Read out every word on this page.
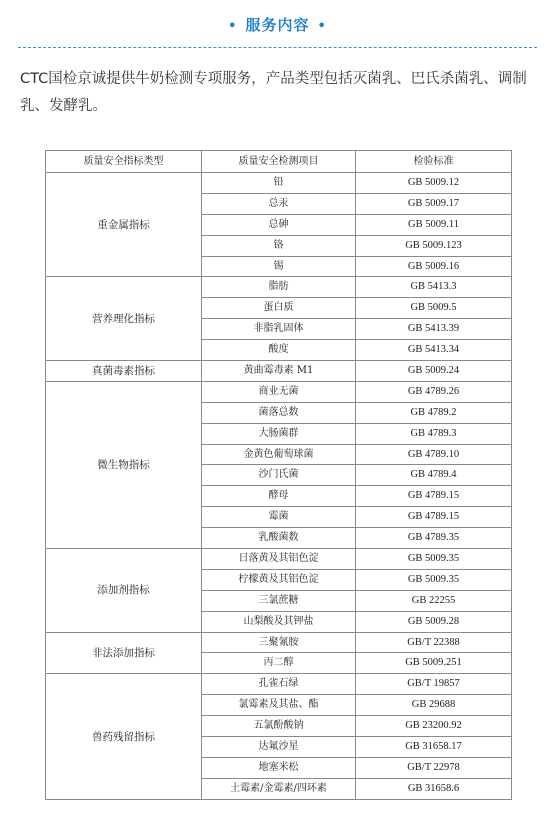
• 服务内容 •
CTC国检京诚提供牛奶检测专项服务，产品类型包括灭菌乳、巴氏杀菌乳、调制乳、发酵乳。
质量安全指标类型	质量安全检测项目	检验标准
重金属指标	铅	GB 5009.12
	总汞	GB 5009.17
	总砷	GB 5009.11
	铬	GB 5009.123
	锡	GB 5009.16
营养理化指标	脂肪	GB 5413.3
	蛋白质	GB 5009.5
	非脂乳固体	GB 5413.39
	酸度	GB 5413.34
真菌毒素指标	黄曲霉毒素 M1	GB 5009.24
微生物指标	商业无菌	GB 4789.26
	菌落总数	GB 4789.2
	大肠菌群	GB 4789.3
	金黄色葡萄球菌	GB 4789.10
	沙门氏菌	GB 4789.4
	酵母	GB 4789.15
	霉菌	GB 4789.15
	乳酸菌数	GB 4789.35
添加剂指标	日落黄及其铝色淀	GB 5009.35
	柠檬黄及其铝色淀	GB 5009.35
	三氯蔗糖	GB 22255
	山梨酸及其钾盐	GB 5009.28
非法添加指标	三聚氰胺	GB/T 22388
	丙二醇	GB 5009.251
兽药残留指标	孔雀石绿	GB/T 19857
	氯霉素及其盐、酯	GB 29688
	五氯酚酸钠	GB 23200.92
	达氟沙星	GB 31658.17
	地塞米松	GB/T 22978
	土霉素/金霉素/四环素	GB 31658.6
